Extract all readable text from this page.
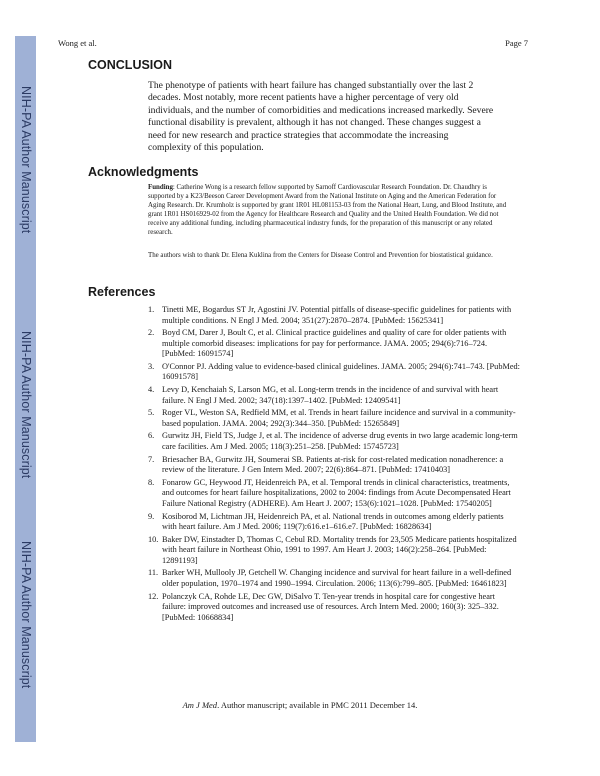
NIH-PA Author Manuscript
NIH-PA Author Manuscript
NIH-PA Author Manuscript
Wong et al.	Page 7
CONCLUSION

The phenotype of patients with heart failure has changed substantially over the last 2 decades. Most notably, more recent patients have a higher percentage of very old individuals, and the number of comorbidities and medications increased markedly. Severe functional disability is prevalent, although it has not changed. These changes suggest a need for new research and practice strategies that accommodate the increasing complexity of this population.

Acknowledgments

Funding: Catherine Wong is a research fellow supported by Sarnoff Cardiovascular Research Foundation. Dr. Chaudhry is supported by a K23/Beeson Career Development Award from the National Institute on Aging and the American Federation for Aging Research. Dr. Krumholz is supported by grant 1R01 HL081153-03 from the National Heart, Lung, and Blood Institute, and grant 1R01 HS016929-02 from the Agency for Healthcare Research and Quality and the United Health Foundation. We did not receive any additional funding, including pharmaceutical industry funds, for the preparation of this manuscript or any related research.

The authors wish to thank Dr. Elena Kuklina from the Centers for Disease Control and Prevention for biostatistical guidance.

References
1. Tinetti ME, Bogardus ST Jr, Agostini JV. Potential pitfalls of disease-specific guidelines for patients with multiple conditions. N Engl J Med. 2004; 351(27):2870–2874. [PubMed: 15625341]
2. Boyd CM, Darer J, Boult C, et al. Clinical practice guidelines and quality of care for older patients with multiple comorbid diseases: implications for pay for performance. JAMA. 2005; 294(6):716–724. [PubMed: 16091574]
3. O'Connor PJ. Adding value to evidence-based clinical guidelines. JAMA. 2005; 294(6):741–743. [PubMed: 16091578]
4. Levy D, Kenchaiah S, Larson MG, et al. Long-term trends in the incidence of and survival with heart failure. N Engl J Med. 2002; 347(18):1397–1402. [PubMed: 12409541]
5. Roger VL, Weston SA, Redfield MM, et al. Trends in heart failure incidence and survival in a community-based population. JAMA. 2004; 292(3):344–350. [PubMed: 15265849]
6. Gurwitz JH, Field TS, Judge J, et al. The incidence of adverse drug events in two large academic long-term care facilities. Am J Med. 2005; 118(3):251–258. [PubMed: 15745723]
7. Briesacher BA, Gurwitz JH, Soumerai SB. Patients at-risk for cost-related medication nonadherence: a review of the literature. J Gen Intern Med. 2007; 22(6):864–871. [PubMed: 17410403]
8. Fonarow GC, Heywood JT, Heidenreich PA, et al. Temporal trends in clinical characteristics, treatments, and outcomes for heart failure hospitalizations, 2002 to 2004: findings from Acute Decompensated Heart Failure National Registry (ADHERE). Am Heart J. 2007; 153(6):1021–1028. [PubMed: 17540205]
9. Kosiborod M, Lichtman JH, Heidenreich PA, et al. National trends in outcomes among elderly patients with heart failure. Am J Med. 2006; 119(7):616.e1–616.e7. [PubMed: 16828634]
10. Baker DW, Einstadter D, Thomas C, Cebul RD. Mortality trends for 23,505 Medicare patients hospitalized with heart failure in Northeast Ohio, 1991 to 1997. Am Heart J. 2003; 146(2):258–264. [PubMed: 12891193]
11. Barker WH, Mullooly JP, Getchell W. Changing incidence and survival for heart failure in a well-defined older population, 1970–1974 and 1990–1994. Circulation. 2006; 113(6):799–805. [PubMed: 16461823]
12. Polanczyk CA, Rohde LE, Dec GW, DiSalvo T. Ten-year trends in hospital care for congestive heart failure: improved outcomes and increased use of resources. Arch Intern Med. 2000; 160(3): 325–332. [PubMed: 10668834]
Am J Med. Author manuscript; available in PMC 2011 December 14.
